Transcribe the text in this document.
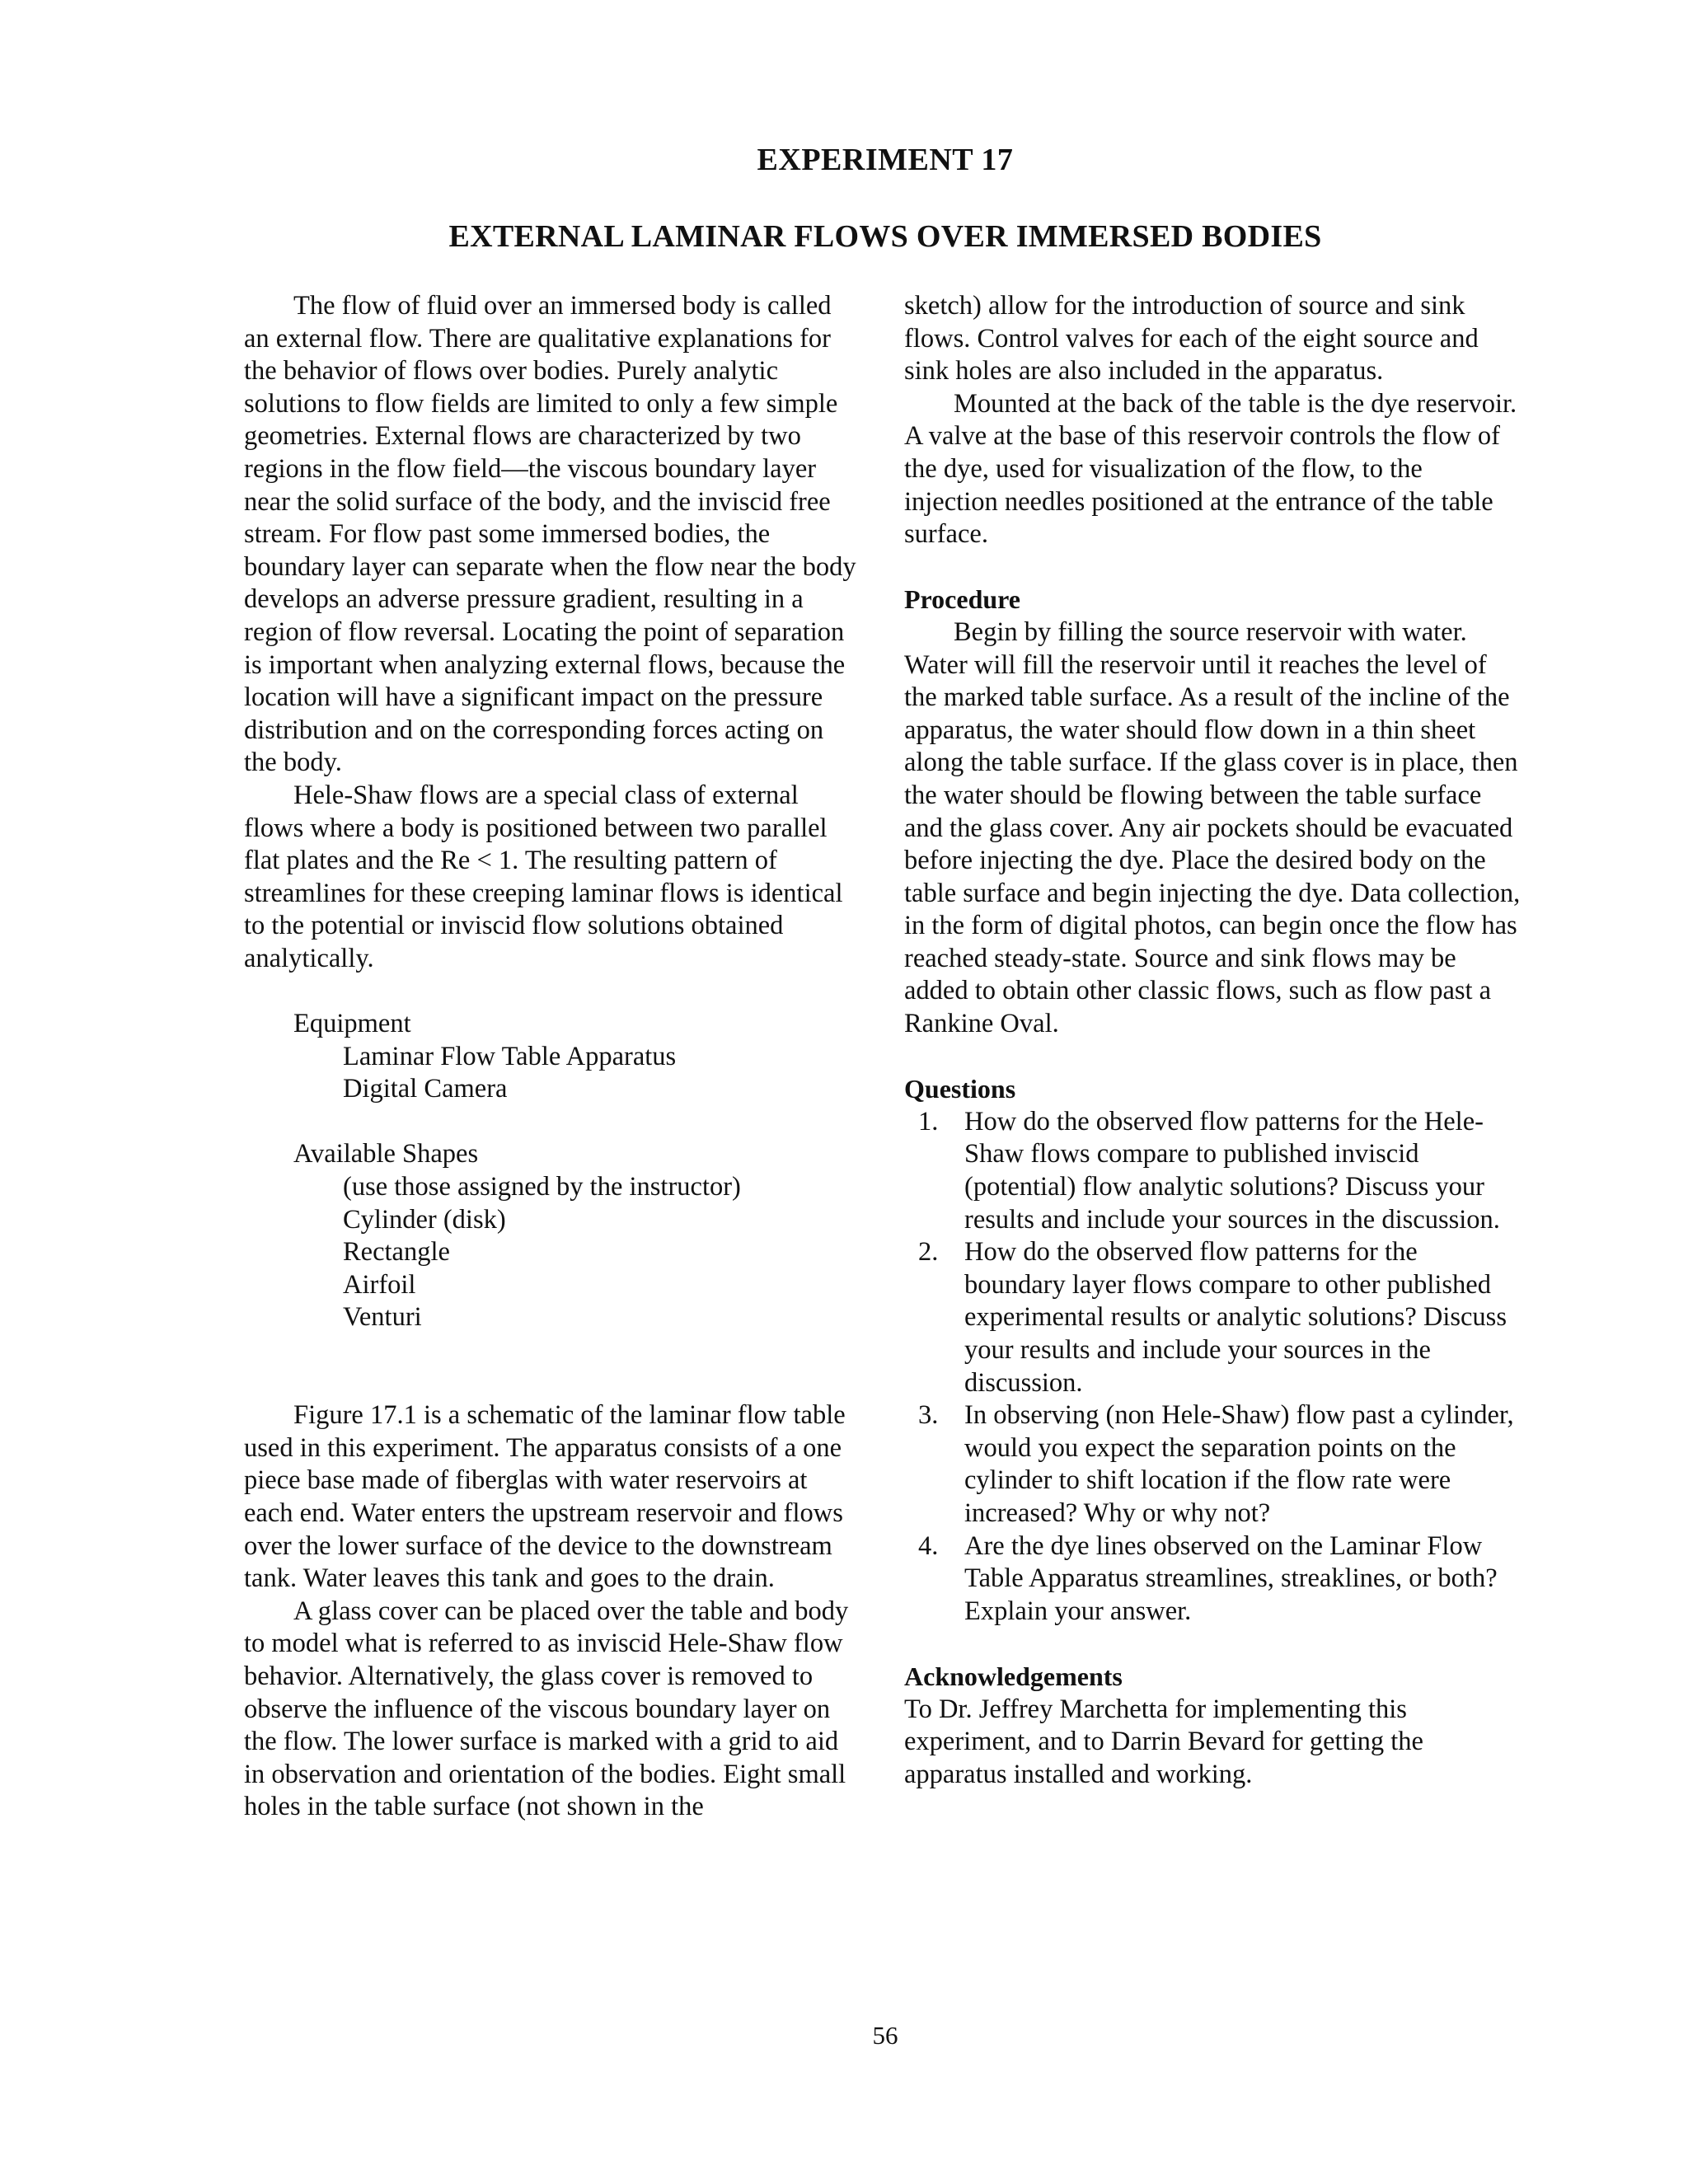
EXPERIMENT 17
EXTERNAL LAMINAR FLOWS OVER IMMERSED BODIES

The flow of fluid over an immersed body is called an external flow. There are qualitative explanations for the behavior of flows over bodies. Purely analytic solutions to flow fields are limited to only a few simple geometries. External flows are characterized by two regions in the flow field—the viscous boundary layer near the solid surface of the body, and the inviscid free stream. For flow past some immersed bodies, the boundary layer can separate when the flow near the body develops an adverse pressure gradient, resulting in a region of flow reversal. Locating the point of separation is important when analyzing external flows, because the location will have a significant impact on the pressure distribution and on the corresponding forces acting on the body.

Hele-Shaw flows are a special class of external flows where a body is positioned between two parallel flat plates and the Re < 1. The resulting pattern of streamlines for these creeping laminar flows is identical to the potential or inviscid flow solutions obtained analytically.

Equipment

Laminar Flow Table Apparatus

Digital Camera

Available Shapes

(use those assigned by the instructor)

Cylinder (disk)

Rectangle

Airfoil

Venturi

Figure 17.1 is a schematic of the laminar flow table used in this experiment. The apparatus consists of a one piece base made of fiberglas with water reservoirs at each end. Water enters the upstream reservoir and flows over the lower surface of the device to the downstream tank. Water leaves this tank and goes to the drain.

A glass cover can be placed over the table and body to model what is referred to as inviscid Hele-Shaw flow behavior. Alternatively, the glass cover is removed to observe the influence of the viscous boundary layer on the flow. The lower surface is marked with a grid to aid in observation and orientation of the bodies. Eight small holes in the table surface (not shown in the

sketch) allow for the introduction of source and sink flows. Control valves for each of the eight source and sink holes are also included in the apparatus.

Mounted at the back of the table is the dye reservoir. A valve at the base of this reservoir controls the flow of the dye, used for visualization of the flow, to the injection needles positioned at the entrance of the table surface.

Procedure

Begin by filling the source reservoir with water. Water will fill the reservoir until it reaches the level of the marked table surface. As a result of the incline of the apparatus, the water should flow down in a thin sheet along the table surface. If the glass cover is in place, then the water should be flowing between the table surface and the glass cover. Any air pockets should be evacuated before injecting the dye. Place the desired body on the table surface and begin injecting the dye. Data collection, in the form of digital photos, can begin once the flow has reached steady-state. Source and sink flows may be added to obtain other classic flows, such as flow past a Rankine Oval.

Questions

1. How do the observed flow patterns for the Hele-Shaw flows compare to published inviscid (potential) flow analytic solutions? Discuss your results and include your sources in the discussion.
2. How do the observed flow patterns for the boundary layer flows compare to other published experimental results or analytic solutions? Discuss your results and include your sources in the discussion.
3. In observing (non Hele-Shaw) flow past a cylinder, would you expect the separation points on the cylinder to shift location if the flow rate were increased? Why or why not?
4. Are the dye lines observed on the Laminar Flow Table Apparatus streamlines, streaklines, or both? Explain your answer.

Acknowledgements

To Dr. Jeffrey Marchetta for implementing this experiment, and to Darrin Bevard for getting the apparatus installed and working.

56
